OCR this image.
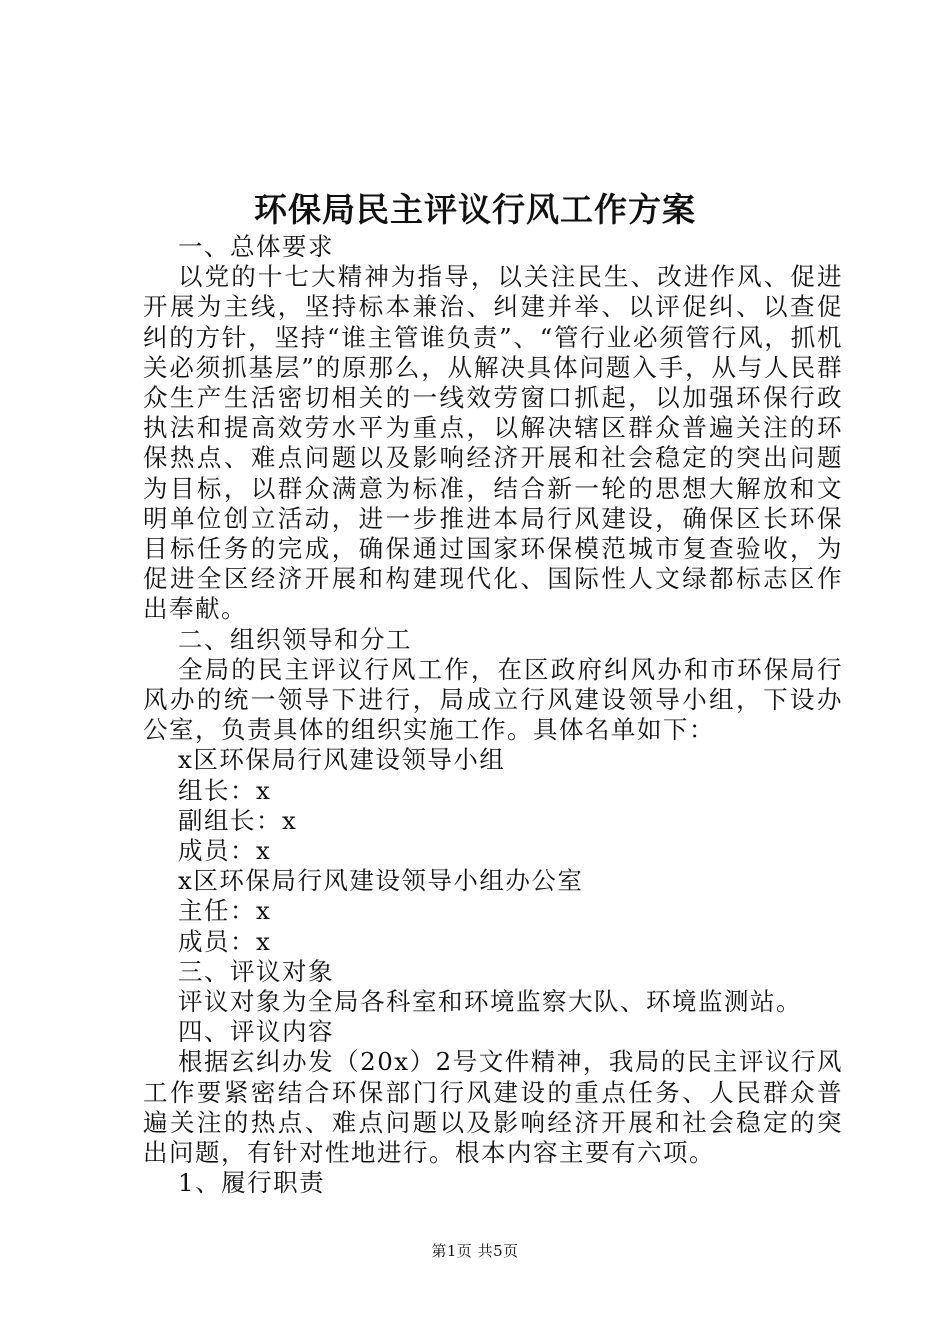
环保局民主评议行风工作方案

一、总体要求

以党的十七大精神为指导，以关注民生、改进作风、促进开展为主线，坚持标本兼治、纠建并举、以评促纠、以查促纠的方针，坚持“谁主管谁负责”、“管行业必须管行风，抓机关必须抓基层”的原那么，从解决具体问题入手，从与人民群众生产生活密切相关的一线效劳窗口抓起，以加强环保行政执法和提高效劳水平为重点，以解决辖区群众普遍关注的环保热点、难点问题以及影响经济开展和社会稳定的突出问题为目标，以群众满意为标准，结合新一轮的思想大解放和文明单位创立活动，进一步推进本局行风建设，确保区长环保目标任务的完成，确保通过国家环保模范城市复查验收，为促进全区经济开展和构建现代化、国际性人文绿都标志区作出奉献。

二、组织领导和分工

全局的民主评议行风工作，在区政府纠风办和市环保局行风办的统一领导下进行，局成立行风建设领导小组，下设办公室，负责具体的组织实施工作。具体名单如下：

x区环保局行风建设领导小组

组长：x

副组长：x

成员：x

x区环保局行风建设领导小组办公室

主任：x

成员：x

三、评议对象

评议对象为全局各科室和环境监察大队、环境监测站。

四、评议内容

根据玄纠办发（20x）2号文件精神，我局的民主评议行风工作要紧密结合环保部门行风建设的重点任务、人民群众普遍关注的热点、难点问题以及影响经济开展和社会稳定的突出问题，有针对性地进行。根本内容主要有六项。

1、履行职责

第1页 共5页
